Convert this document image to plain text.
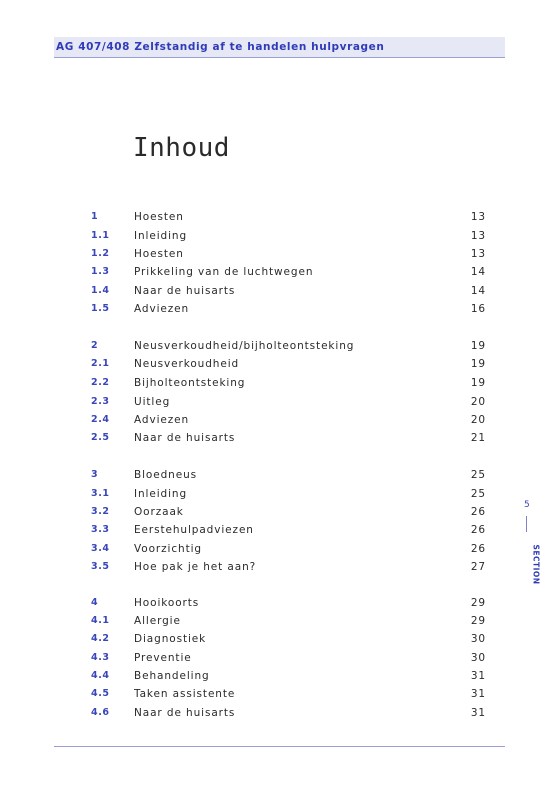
AG 407/408 Zelfstandig af te handelen hulpvragen
Inhoud
1	Hoesten	13
1.1 Inleiding	13
1.2 Hoesten	13
1.3 Prikkeling van de luchtwegen	14
1.4 Naar de huisarts	14
1.5 Adviezen	16
2	Neusverkoudheid/bijholteontsteking	19
2.1 Neusverkoudheid	19
2.2 Bijholteontsteking	19
2.3 Uitleg	20
2.4 Adviezen	20
2.5 Naar de huisarts	21
3	Bloedneus	25
3.1 Inleiding	25
3.2 Oorzaak	26
3.3 Eerstehulpadviezen	26
3.4 Voorzichtig	26
3.5 Hoe pak je het aan?	27
4	Hooikoorts	29
4.1 Allergie	29
4.2 Diagnostiek	30
4.3 Preventie	30
4.4 Behandeling	31
4.5 Taken assistente	31
4.6 Naar de huisarts	31
5
SECTION
